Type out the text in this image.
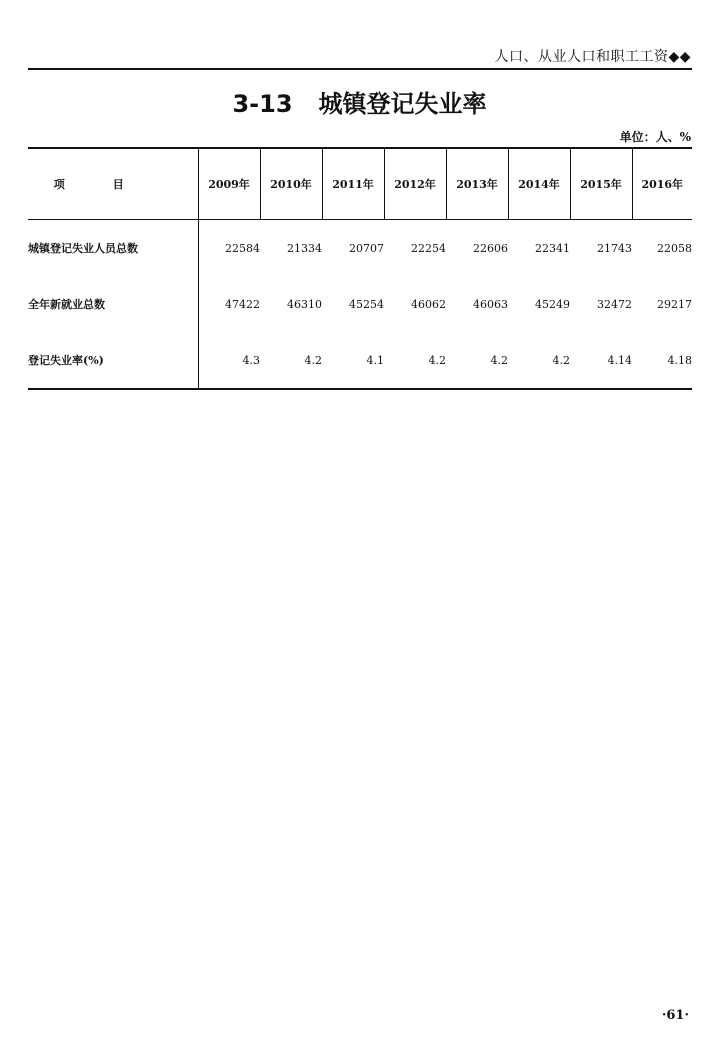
人口、从业人口和职工工资◆◆
3-13 城镇登记失业率
单位：人、%
项目	2009年	2010年	2011年	2012年	2013年	2014年	2015年	2016年
城镇登记失业人员总数	22584	21334	20707	22254	22606	22341	21743	22058
全年新就业总数	47422	46310	45254	46062	46063	45249	32472	29217
登记失业率(%)	4.3	4.2	4.1	4.2	4.2	4.2	4.14	4.18
·61·
